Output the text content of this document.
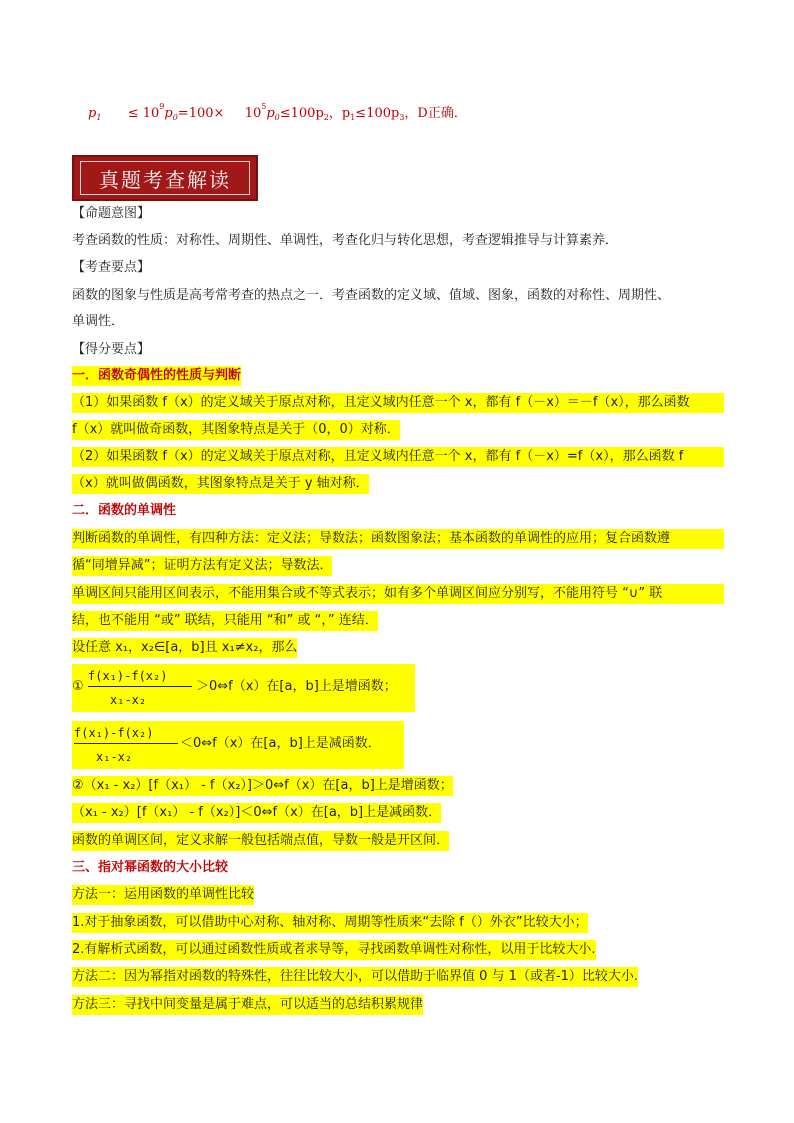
$p_1 \le 10^9p_0=100\times 10^5p_0\le 100p_2$，$p_1\le 100p_3$，D正确．
真题考查解读
【命题意图】
考查函数的性质：对称性、周期性、单调性，考查化归与转化思想，考查逻辑推导与计算素养．
【考查要点】
函数的图象与性质是高考常考查的热点之一．考查函数的定义域、值域、图象，函数的对称性、周期性、
单调性．
【得分要点】
一．函数奇偶性的性质与判断
（1）如果函数 f（x）的定义域关于原点对称，且定义域内任意一个 x，都有 f（－x）＝－f（x），那么函数
f（x）就叫做奇函数，其图象特点是关于（0，0）对称．
（2）如果函数 f（x）的定义域关于原点对称，且定义域内任意一个 x，都有 f（－x）=f（x），那么函数 f
（x）就叫做偶函数，其图象特点是关于 y 轴对称．
二．函数的单调性
判断函数的单调性，有四种方法：定义法；导数法；函数图象法；基本函数的单调性的应用；复合函数遵
循“同增异减”；证明方法有定义法；导数法．
单调区间只能用区间表示，不能用集合或不等式表示；如有多个单调区间应分别写，不能用符号 “∪” 联
结，也不能用 “或” 联结，只能用 “和” 或 “，” 连结．
设任意 x₁，x₂∈[a，b]且 x₁≠x₂，那么
①
f(x₁)-f(x₂)
x₁-x₂
＞0⇔f（x）在[a，b]上是增函数；
f(x₁)-f(x₂)
x₁-x₂
＜0⇔f（x）在[a，b]上是减函数．
②（x₁ - x₂）[f（x₁） - f（x₂）]＞0⇔f（x）在[a，b]上是增函数；
（x₁ - x₂）[f（x₁） - f（x₂）]＜0⇔f（x）在[a，b]上是减函数．
函数的单调区间，定义求解一般包括端点值，导数一般是开区间．
三、指对幂函数的大小比较
方法一：运用函数的单调性比较
1.对于抽象函数，可以借助中心对称、轴对称、周期等性质来“去除 f（）外衣”比较大小；
2.有解析式函数，可以通过函数性质或者求导等，寻找函数单调性对称性，以用于比较大小.
方法二：因为幂指对函数的特殊性，往往比较大小，可以借助于临界值 0 与 1（或者-1）比较大小.
方法三：寻找中间变量是属于难点，可以适当的总结积累规律
